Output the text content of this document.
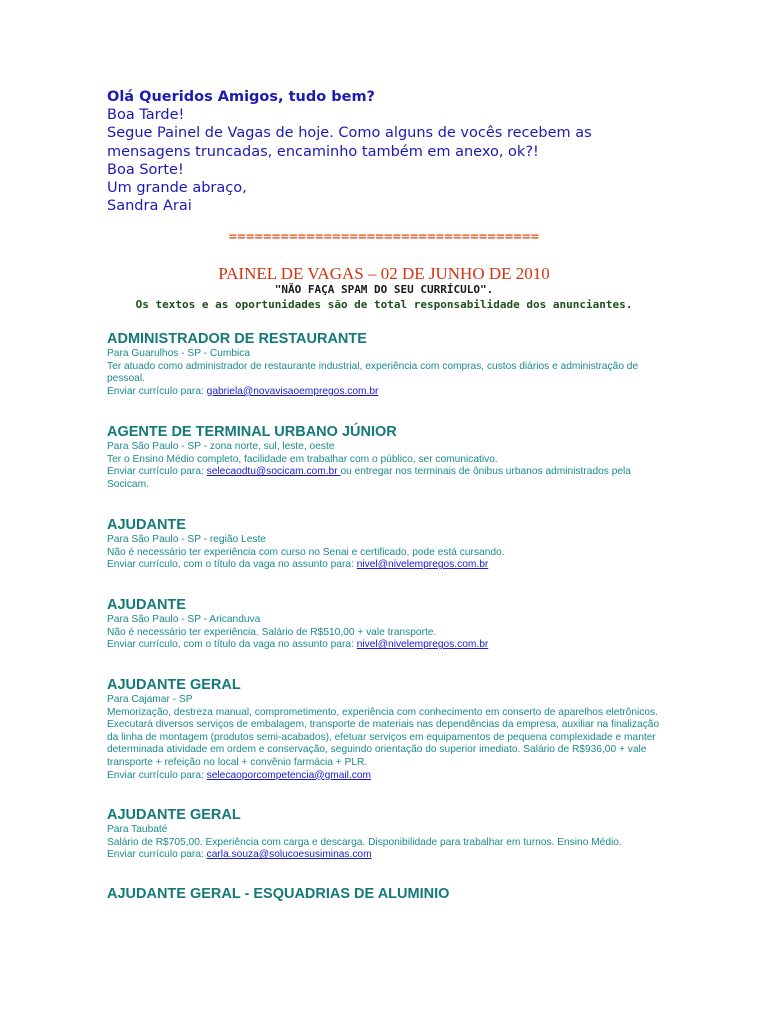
Olá Queridos Amigos, tudo bem?
Boa Tarde!
Segue Painel de Vagas de hoje. Como alguns de vocês recebem as
mensagens truncadas, encaminho também em anexo, ok?!
Boa Sorte!
Um grande abraço,
Sandra Arai
====================================
PAINEL DE VAGAS – 02 DE JUNHO DE 2010
"NÃO FAÇA SPAM DO SEU CURRÍCULO".
Os textos e as oportunidades são de total responsabilidade dos anunciantes.
ADMINISTRADOR DE RESTAURANTE
Para Guarulhos - SP - Cumbica
Ter atuado como administrador de restaurante industrial, experiência com compras, custos diários e administração de pessoal.
Enviar currículo para: gabriela@novavisaoempregos.com.br
AGENTE DE TERMINAL URBANO JÚNIOR
Para São Paulo - SP - zona norte, sul, leste, oeste
Ter o Ensino Médio completo, facilidade em trabalhar com o público, ser comunicativo.
Enviar currículo para: selecaodtu@socicam.com.br ou entregar nos terminais de ônibus urbanos administrados pela Socicam.
AJUDANTE
Para São Paulo - SP - região Leste
Não é necessário ter experiência com curso no Senai e certificado, pode está cursando.
Enviar currículo, com o título da vaga no assunto para: nivel@nivelempregos.com.br
AJUDANTE
Para São Paulo - SP - Aricanduva
Não é necessário ter experiência. Salário de R$510,00 + vale transporte.
Enviar currículo, com o título da vaga no assunto para: nivel@nivelempregos.com.br
AJUDANTE GERAL
Para Cajamar - SP
Memorização, destreza manual, comprometimento, experiência com conhecimento em conserto de aparelhos eletrônicos. Executará diversos serviços de embalagem, transporte de materiais nas dependências da empresa, auxiliar na finalização da linha de montagem (produtos semi-acabados), efetuar serviços em equipamentos de pequena complexidade e manter determinada atividade em ordem e conservação, seguindo orientação do superior imediato. Salário de R$936,00 + vale transporte + refeição no local + convênio farmácia + PLR.
Enviar currículo para: selecaoporcompetencia@gmail.com
AJUDANTE GERAL
Para Taubaté
Salário de R$705,00. Experiência com carga e descarga. Disponibilidade para trabalhar em turnos. Ensino Médio.
Enviar currículo para: carla.souza@solucoesusiminas.com
AJUDANTE GERAL - ESQUADRIAS DE ALUMINIO
